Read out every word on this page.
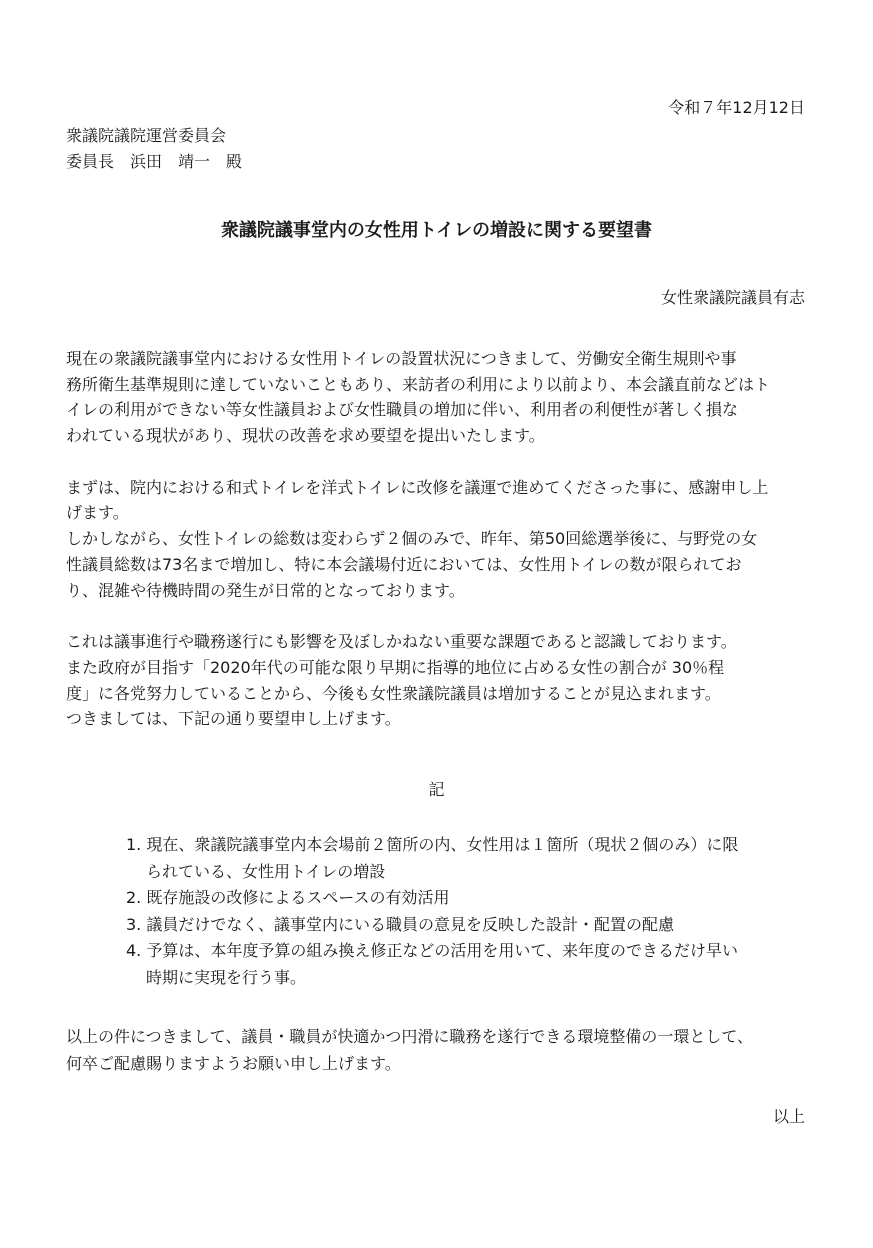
令和７年12月12日
衆議院議院運営委員会
委員長　浜田　靖一　殿
衆議院議事堂内の女性用トイレの増設に関する要望書
女性衆議院議員有志
現在の衆議院議事堂内における女性用トイレの設置状況につきまして、労働安全衛生規則や事
務所衛生基準規則に達していないこともあり、来訪者の利用により以前より、本会議直前などはト
イレの利用ができない等女性議員および女性職員の増加に伴い、利用者の利便性が著しく損な
われている現状があり、現状の改善を求め要望を提出いたします。
まずは、院内における和式トイレを洋式トイレに改修を議運で進めてくださった事に、感謝申し上
げます。
しかしながら、女性トイレの総数は変わらず２個のみで、昨年、第50回総選挙後に、与野党の女
性議員総数は73名まで増加し、特に本会議場付近においては、女性用トイレの数が限られてお
り、混雑や待機時間の発生が日常的となっております。
これは議事進行や職務遂行にも影響を及ぼしかねない重要な課題であると認識しております。
また政府が目指す「2020年代の可能な限り早期に指導的地位に占める女性の割合が 30％程
度」に各党努力していることから、今後も女性衆議院議員は増加することが見込まれます。
つきましては、下記の通り要望申し上げます。
記
1. 現在、衆議院議事堂内本会場前２箇所の内、女性用は１箇所（現状２個のみ）に限
られている、女性用トイレの増設
2. 既存施設の改修によるスペースの有効活用
3. 議員だけでなく、議事堂内にいる職員の意見を反映した設計・配置の配慮
4. 予算は、本年度予算の組み換え修正などの活用を用いて、来年度のできるだけ早い
時期に実現を行う事。
以上の件につきまして、議員・職員が快適かつ円滑に職務を遂行できる環境整備の一環として、
何卒ご配慮賜りますようお願い申し上げます。
以上
